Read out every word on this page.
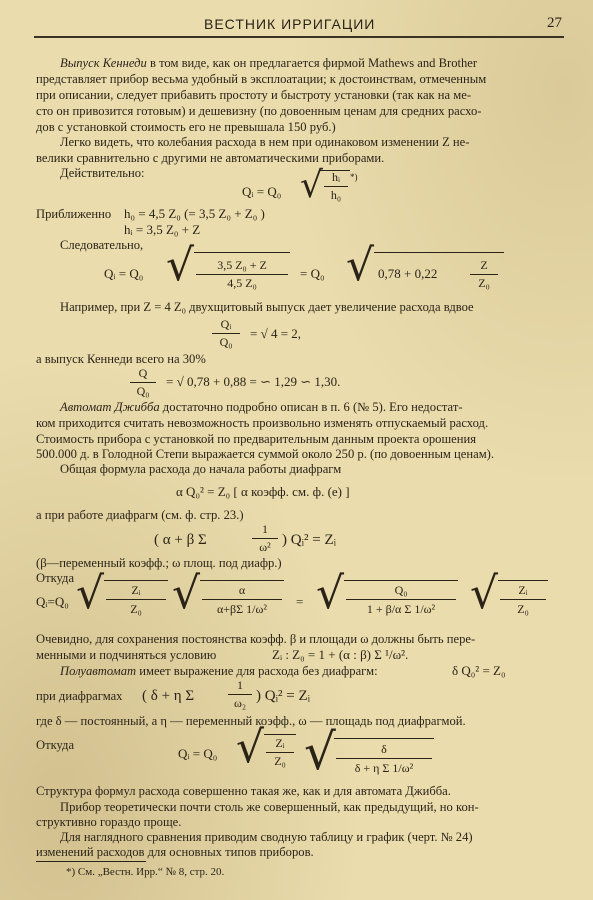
ВЕСТНИК ИРРИГАЦИИ	27
Выпуск Кеннеди в том виде, как он предлагается фирмой Mathews and Brother
представляет прибор весьма удобный в эксплоатации; к достоинствам, отмеченным
при описании, следует прибавить простоту и быстроту установки (так как на ме-
сто он привозится готовым) и дешевизну (по довоенным ценам для средних расхо-
дов с установкой стоимость его не превышала 150 руб.)
Легко видеть, что колебания расхода в нем при одинаковом изменении Z не-
велики сравнительно с другими не автоматическими приборами.
Действительно:
Qᵢ = Q₀ √ hᵢ
h₀
*)
Приближенно h₀ = 4,5 Z₀ (= 3,5 Z₀ + Z₀ )
hᵢ = 3,5 Z₀ + Z
Следовательно,
Qᵢ = Q₀ √	3,5 Z₀ + Z
4,5 Z₀
= Q₀ √ 0,78 + 0,22
Z
Z₀
Например, при Z = 4 Z₀ двухщитовый выпуск дает увеличение расхода вдвое
Qᵢ
Q₀
= √ 4 = 2,
а выпуск Кеннеди всего на 30%
Q
Q₀
= √ 0,78 + 0,88 = ∽ 1,29 ∽ 1,30.
Автомат Джибба достаточно подробно описан в п. 6 (№ 5). Его недостат-
ком приходится считать невозможность произвольно изменять отпускаемый расход.
Стоимость прибора с установкой по предварительным данным проекта орошения
500.000 д. в Голодной Степи выражается суммой около 250 р. (по довоенным ценам).
Общая формула расхода до начала работы диафрагм
α Q₀² = Z₀ [ α коэфф. см. ф. (e) ]
а при работе диафрагм (см. ф. стр. 23.)
( α + β Σ
1
ω² ) Qᵢ² = Zᵢ
(β—переменный коэфф.; ω площ. под диафр.)
Откуда
Qᵢ=Q₀ √	Zᵢ
Z₀ √	α
α+βΣ 1/ω²	= √	Q₀
1 + β/α Σ 1/ω² √	Zᵢ
Z₀
Очевидно, для сохранения постоянства коэфф. β и площади ω должны быть пере-
менными и подчиняться условию	Zᵢ : Z₀ = 1 + (α : β) Σ ¹/ω².
Полуавтомат имеет выражение для расхода без диафрагм:	δ Q₀² = Z₀
при диафрагмах ( δ + η Σ
1
ω₂ ) Qᵢ² = Zᵢ
где δ — постоянный, а η — переменный коэфф., ω — площадь под диафрагмой.
Откуда
Qᵢ = Q₀ √ Zᵢ
Z₀ √	δ
δ + η Σ 1/ω²
Структура формул расхода совершенно такая же, как и для автомата Джибба.
Прибор теоретически почти столь же совершенный, как предыдущий, но кон-
структивно гораздо проще.
Для наглядного сравнения приводим сводную таблицу и график (черт. № 24)
изменений расходов для основных типов приборов.
*) См. „Вестн. Ирр.“ № 8, стр. 20.
